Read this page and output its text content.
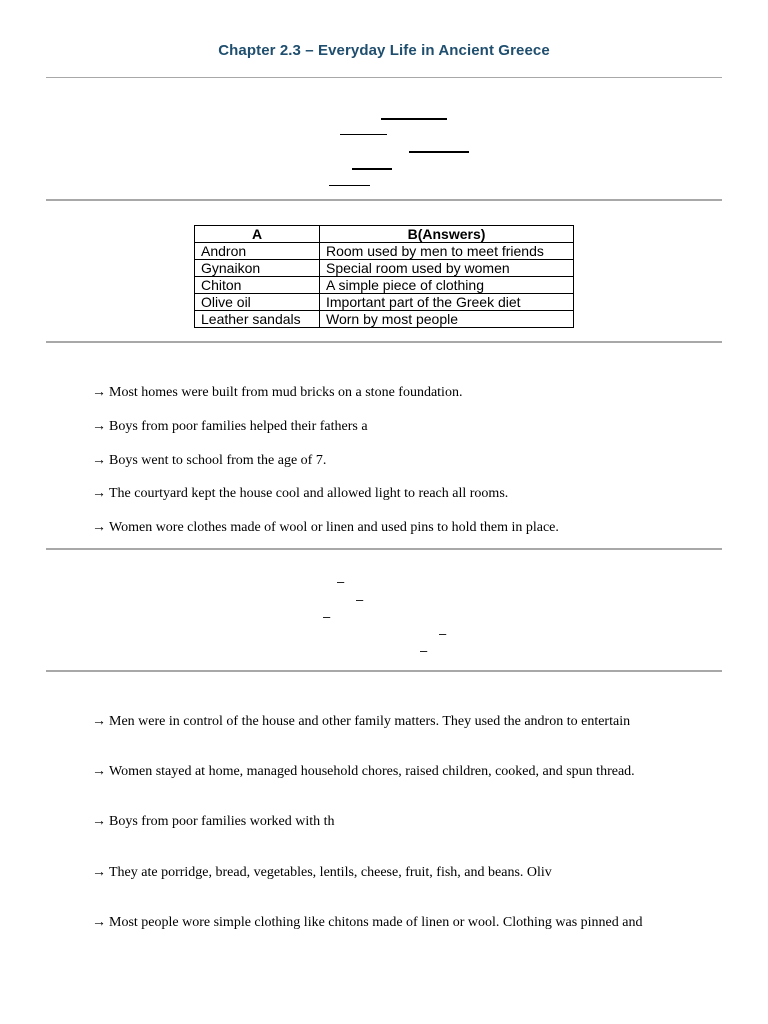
Chapter 2.3 – Everyday Life in Ancient Greece
A	B(Answers)
Andron	Room used by men to meet friends
Gynaikon	Special room used by women
Chiton	A simple piece of clothing
Olive oil	Important part of the Greek diet
Leather sandals	Worn by most people
→ Most homes were built from mud bricks on a stone foundation.
→ Boys from poor families helped their fathers a
→ Boys went to school from the age of 7.
→ The courtyard kept the house cool and allowed light to reach all rooms.
→ Women wore clothes made of wool or linen and used pins to hold them in place.
–
–
–
–
–
→ Men were in control of the house and other family matters. They used the andron to entertain
→ Women stayed at home, managed household chores, raised children, cooked, and spun thread.
→ Boys from poor families worked with th
→ They ate porridge, bread, vegetables, lentils, cheese, fruit, fish, and beans. Oliv
→ Most people wore simple clothing like chitons made of linen or wool. Clothing was pinned and
